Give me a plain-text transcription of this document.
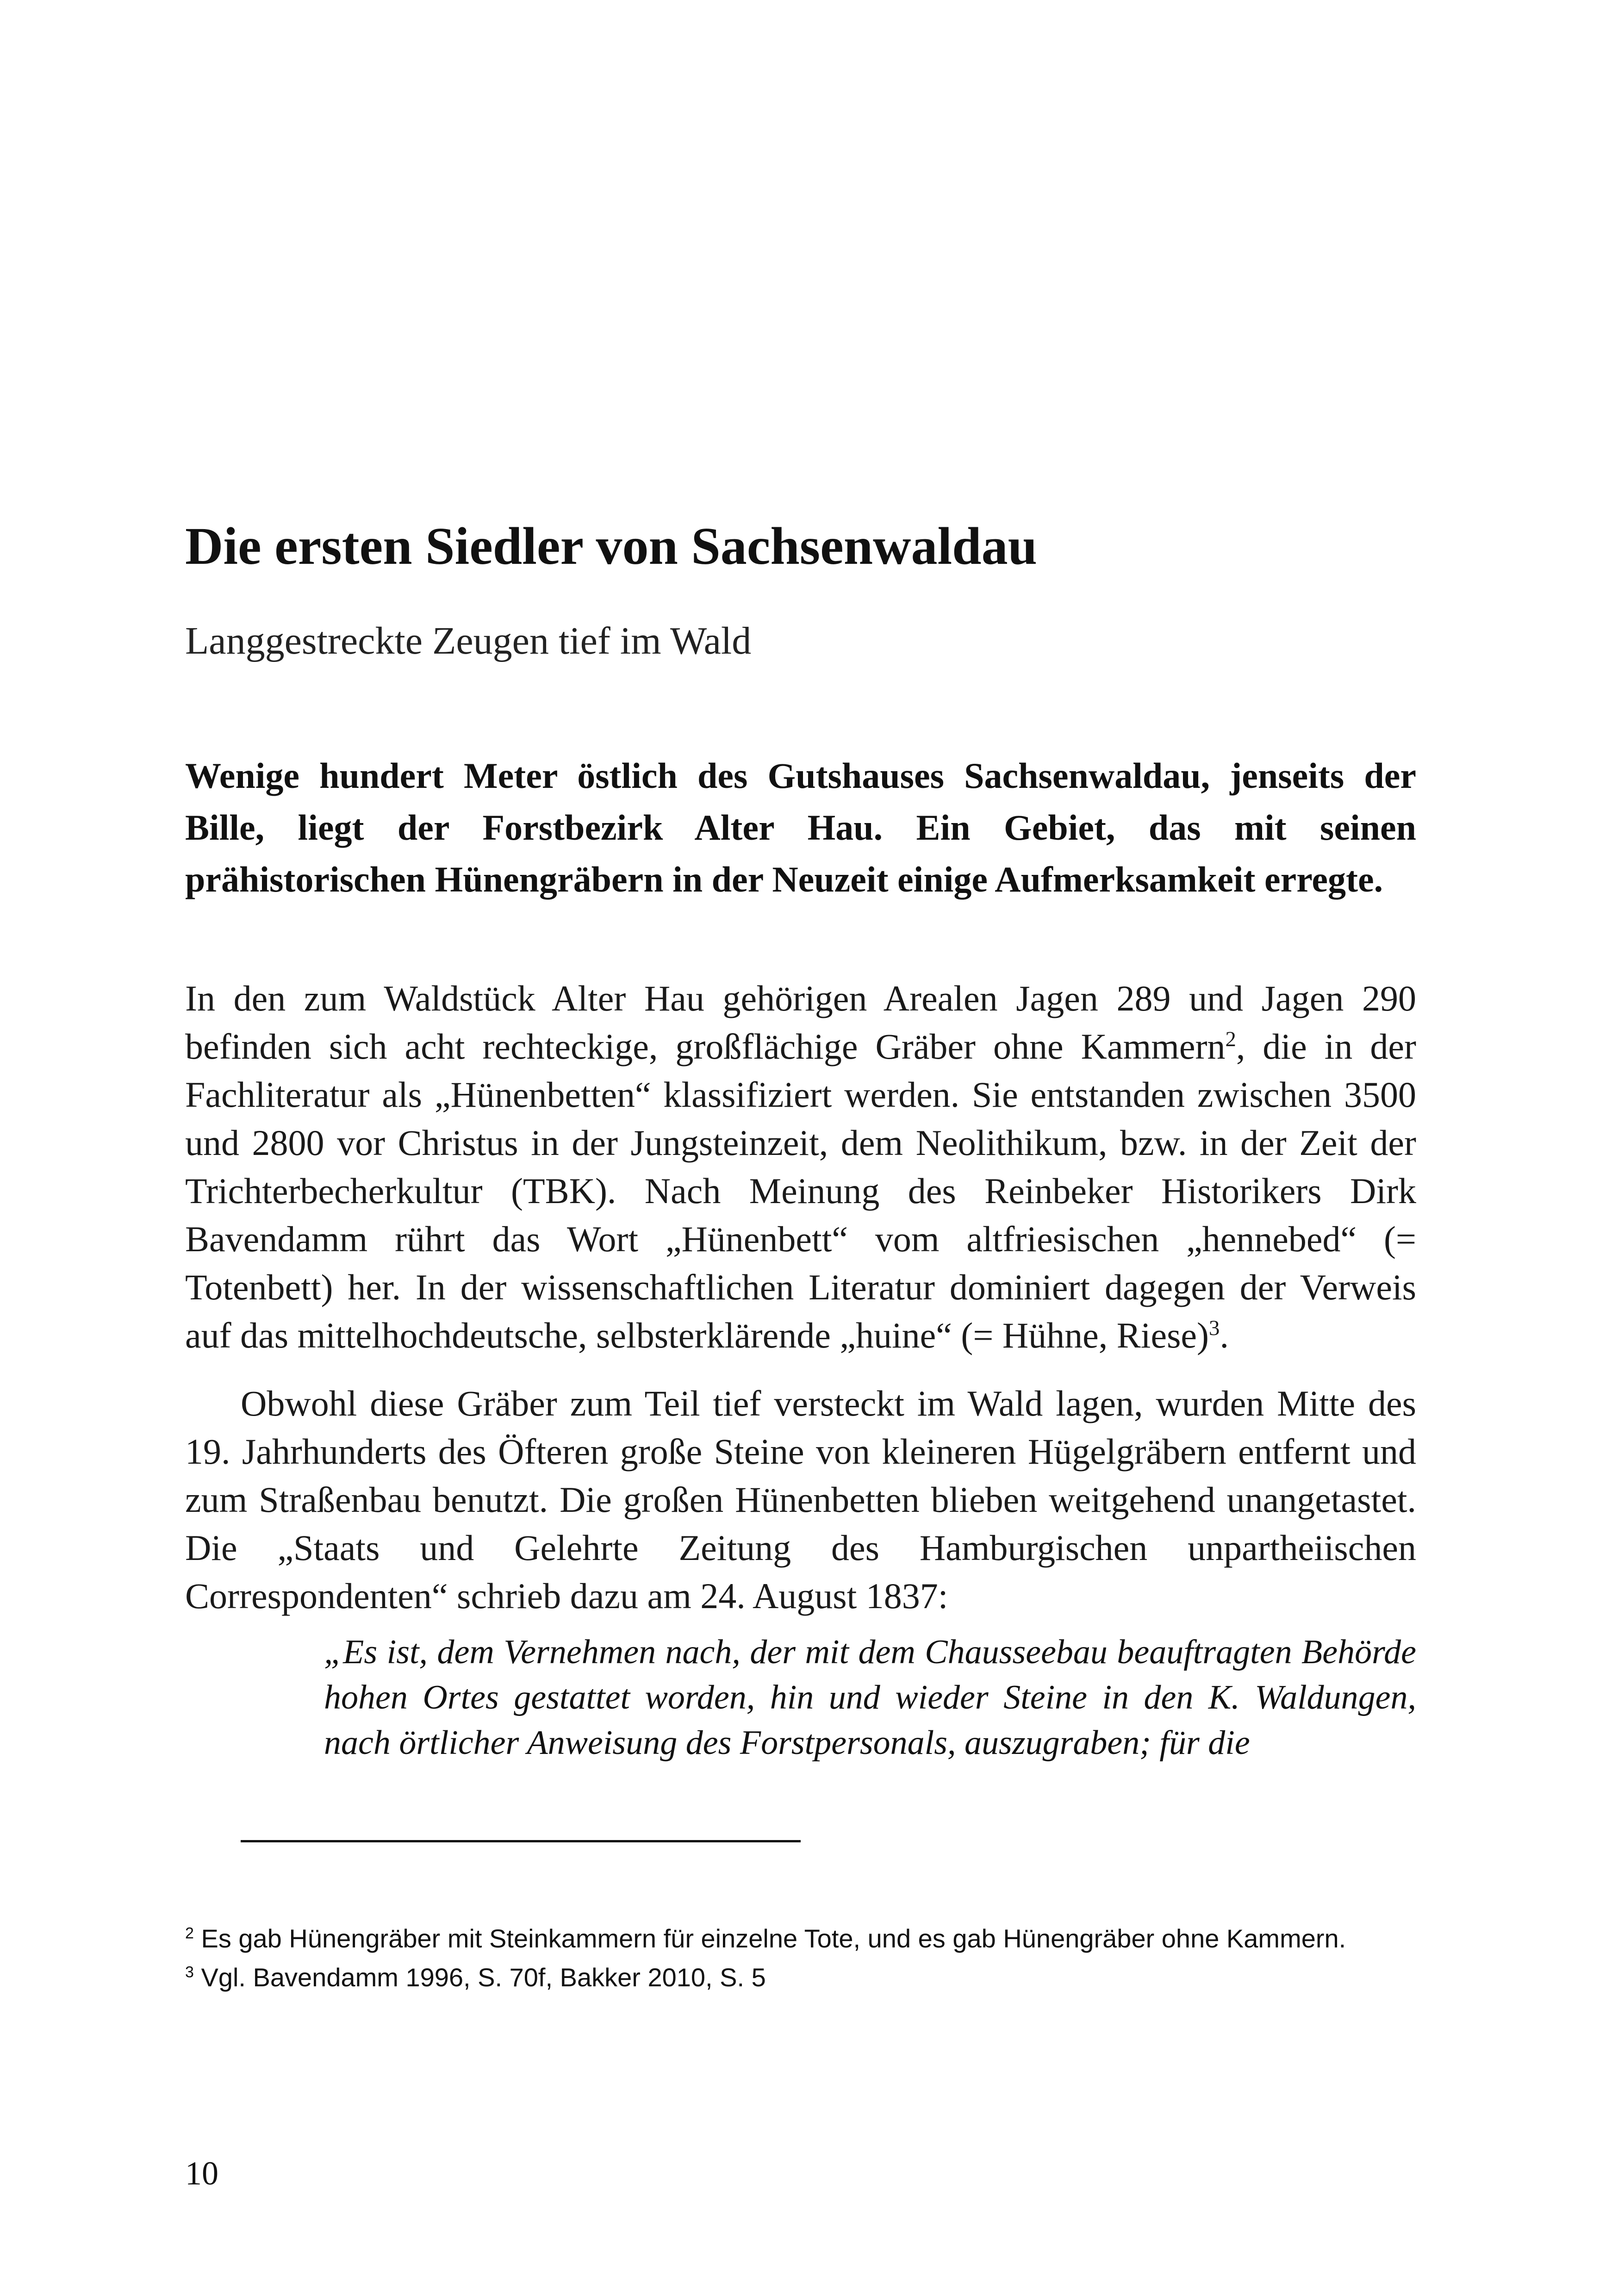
Die ersten Siedler von Sachsenwaldau

Langgestreckte Zeugen tief im Wald

Wenige hundert Meter östlich des Gutshauses Sachsenwaldau, jenseits der Bille, liegt der Forstbezirk Alter Hau. Ein Gebiet, das mit seinen prähistorischen Hünengräbern in der Neuzeit einige Aufmerksamkeit erregte.

In den zum Waldstück Alter Hau gehörigen Arealen Jagen 289 und Jagen 290 befinden sich acht rechteckige, großflächige Gräber ohne Kammern$^2$, die in der Fachliteratur als „Hünenbetten“ klassifiziert werden. Sie entstanden zwischen 3500 und 2800 vor Christus in der Jungsteinzeit, dem Neolithikum, bzw. in der Zeit der Trichterbecherkultur (TBK). Nach Meinung des Reinbeker Historikers Dirk Bavendamm rührt das Wort „Hünenbett“ vom altfriesischen „hennebed“ (= Totenbett) her. In der wissenschaftlichen Literatur dominiert dagegen der Verweis auf das mittelhochdeutsche, selbsterklärende „huine“ (= Hühne, Riese)$^3$.

Obwohl diese Gräber zum Teil tief versteckt im Wald lagen, wurden Mitte des 19. Jahrhunderts des Öfteren große Steine von kleineren Hügelgräbern entfernt und zum Straßenbau benutzt. Die großen Hünenbetten blieben weitgehend unangetastet. Die „Staats und Gelehrte Zeitung des Hamburgischen unpartheiischen Correspondenten“ schrieb dazu am 24. August 1837:

„Es ist, dem Vernehmen nach, der mit dem Chausseebau beauftragten Behörde hohen Ortes gestattet worden, hin und wieder Steine in den K. Waldungen, nach örtlicher Anweisung des Forstpersonals, auszugraben; für die

$^2$ Es gab Hünengräber mit Steinkammern für einzelne Tote, und es gab Hünengräber ohne Kammern.

$^3$ Vgl. Bavendamm 1996, S. 70f, Bakker 2010, S. 5

10
